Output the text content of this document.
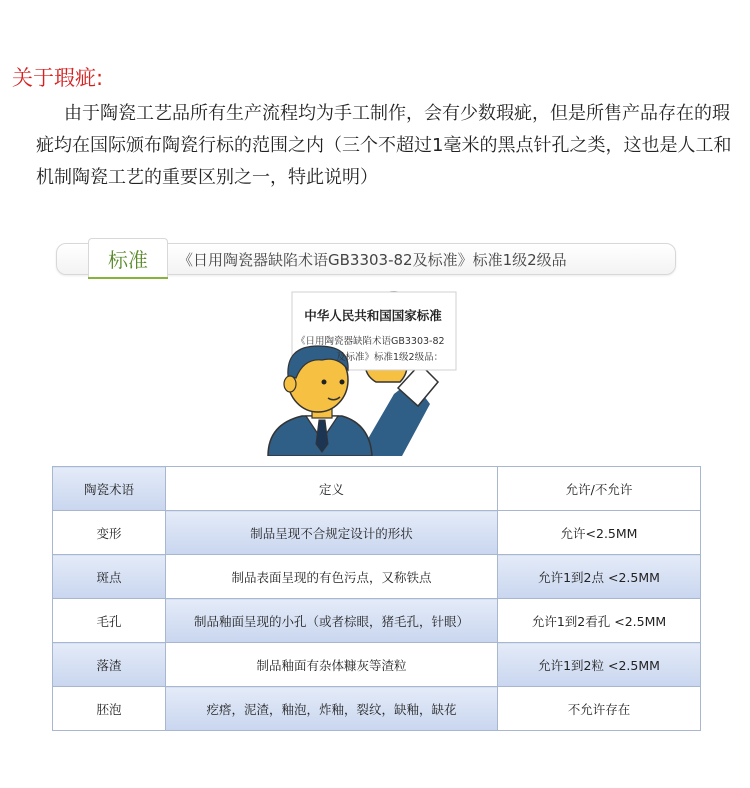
关于瑕疵:
由于陶瓷工艺品所有生产流程均为手工制作，会有少数瑕疵，但是所售产品存在的瑕疵均在国际颁布陶瓷行标的范围之内（三个不超过1毫米的黑点针孔之类，这也是人工和机制陶瓷工艺的重要区别之一，特此说明）
标准	《日用陶瓷器缺陷术语GB3303-82及标准》标准1级2级品
中华人民共和国国家标准
《日用陶瓷器缺陷术语GB3303-82
及标准》标准1级2级品：
陶瓷术语	定义	允许/不允许
变形	制品呈现不合规定设计的形状	允许<2.5MM
斑点	制品表面呈现的有色污点，又称铁点	允许1到2点 <2.5MM
毛孔	制品釉面呈现的小孔（或者棕眼，猪毛孔，针眼）	允许1到2看孔 <2.5MM
落渣	制品釉面有杂体糠灰等渣粒	允许1到2粒 <2.5MM
胚泡	疙瘩，泥渣，釉泡，炸釉，裂纹，缺釉，缺花	不允许存在
